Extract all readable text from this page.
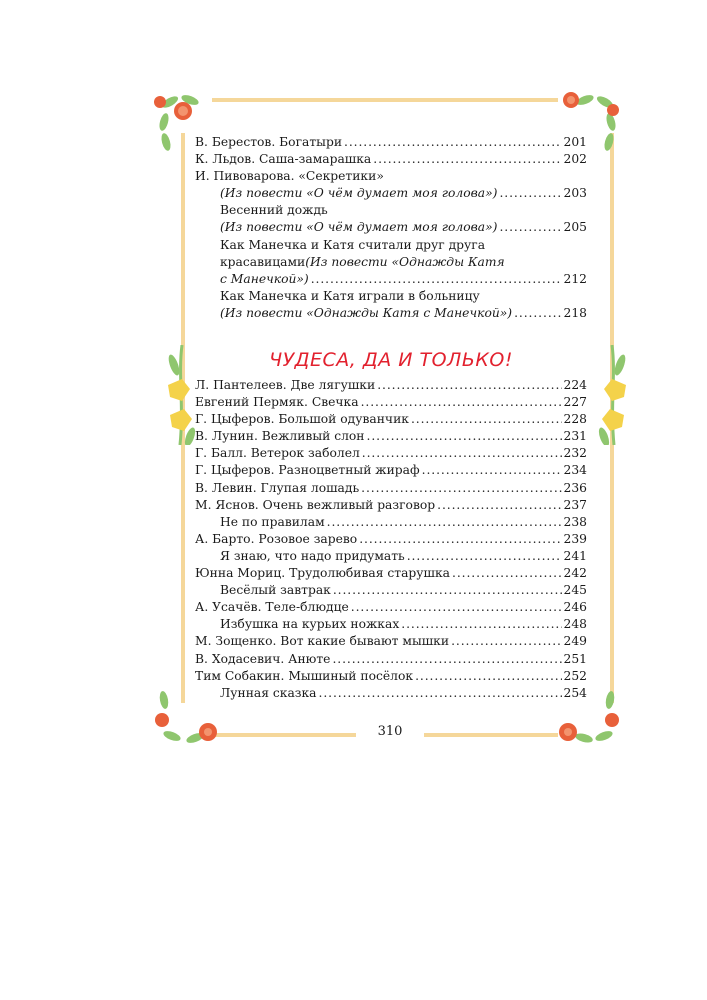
В. Берестов. Богатыри . . .	201
К. Льдов. Саша-замарашка . . .	202
И. Пивоварова. «Секретики»
(Из повести «О чём думает моя голова») . . .	203
Весенний дождь
(Из повести «О чём думает моя голова») . . .	205
Как Манечка и Катя считали друг друга
красавицами (Из повести «Однажды Катя
с Манечкой») . . .	212
Как Манечка и Катя играли в больницу
(Из повести «Однажды Катя с Манечкой») . . .	218
ЧУДЕСА, ДА И ТОЛЬКО!
Л. Пантелеев. Две лягушки . . .	224
Евгений Пермяк. Свечка . . .	227
Г. Цыферов. Большой одуванчик . . .	228
В. Лунин. Вежливый слон . . .	231
Г. Балл. Ветерок заболел . . .	232
Г. Цыферов. Разноцветный жираф . . .	234
В. Левин. Глупая лошадь . . .	236
М. Яснов. Очень вежливый разговор . . .	237
Не по правилам . . .	238
А. Барто. Розовое зарево . . .	239
Я знаю, что надо придумать . . .	241
Юнна Мориц. Трудолюбивая старушка . . .	242
Весёлый завтрак . . .	245
А. Усачёв. Теле-блюдце . . .	246
Избушка на курьих ножках . . .	248
М. Зощенко. Вот какие бывают мышки . . .	249
В. Ходасевич. Анюте . . .	251
Тим Собакин. Мышиный посёлок . . .	252
Лунная сказка . . .	254
310
